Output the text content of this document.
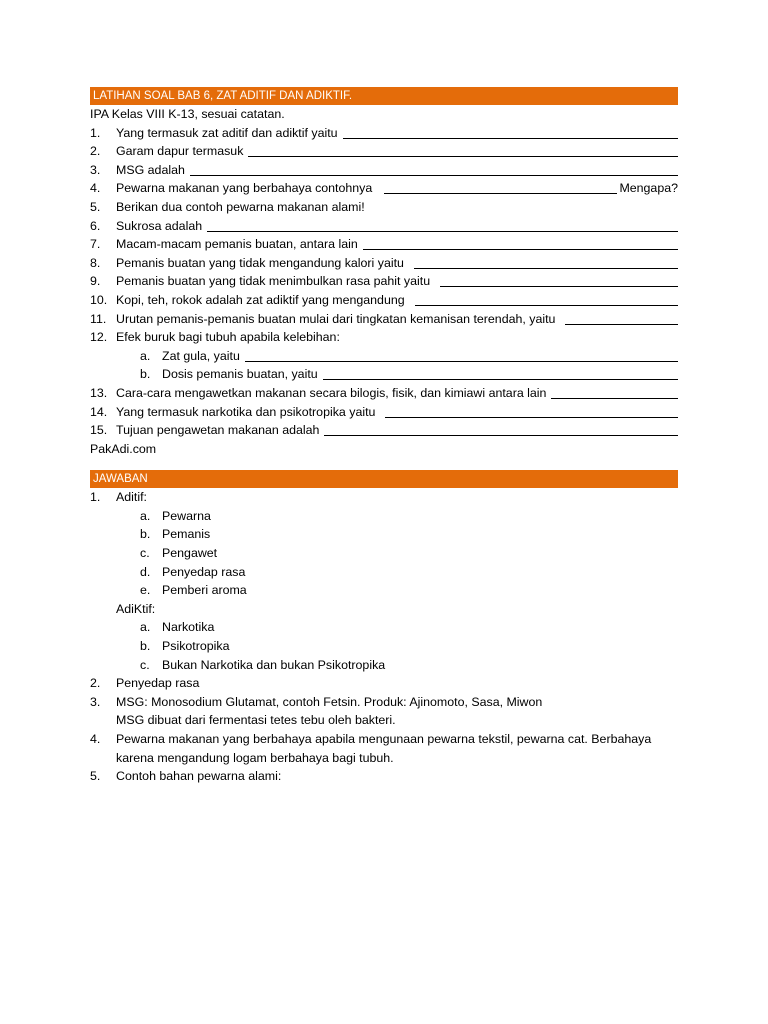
LATIHAN SOAL BAB 6, ZAT ADITIF DAN ADIKTIF.
IPA Kelas VIII K-13, sesuai catatan.
1.	Yang termasuk zat aditif dan adiktif yaitu
2.	Garam dapur termasuk
3.	MSG adalah
4.	Pewarna makanan yang berbahaya contohnya	Mengapa?
5.	Berikan dua contoh pewarna makanan alami!
6.	Sukrosa adalah
7.	Macam-macam pemanis buatan, antara lain
8.	Pemanis buatan yang tidak mengandung kalori yaitu
9.	Pemanis buatan yang tidak menimbulkan rasa pahit yaitu
10. Kopi, teh, rokok adalah zat adiktif yang mengandung
11. Urutan pemanis-pemanis buatan mulai dari tingkatan kemanisan terendah, yaitu
12. Efek buruk bagi tubuh apabila kelebihan:
a. Zat gula, yaitu
b. Dosis pemanis buatan, yaitu
13. Cara-cara mengawetkan makanan secara bilogis, fisik, dan kimiawi antara lain
14. Yang termasuk narkotika dan psikotropika yaitu
15. Tujuan pengawetan makanan adalah
PakAdi.com
JAWABAN
1. Aditif:
a. Pewarna
b. Pemanis
c. Pengawet
d. Penyedap rasa
e. Pemberi aroma
AdiKtif:
a. Narkotika
b. Psikotropika
c. Bukan Narkotika dan bukan Psikotropika
2. Penyedap rasa
3. MSG: Monosodium Glutamat, contoh Fetsin. Produk: Ajinomoto, Sasa, Miwon
MSG dibuat dari fermentasi tetes tebu oleh bakteri.
4. Pewarna makanan yang berbahaya apabila mengunaan pewarna tekstil, pewarna cat. Berbahaya
karena mengandung logam berbahaya bagi tubuh.
5. Contoh bahan pewarna alami:
